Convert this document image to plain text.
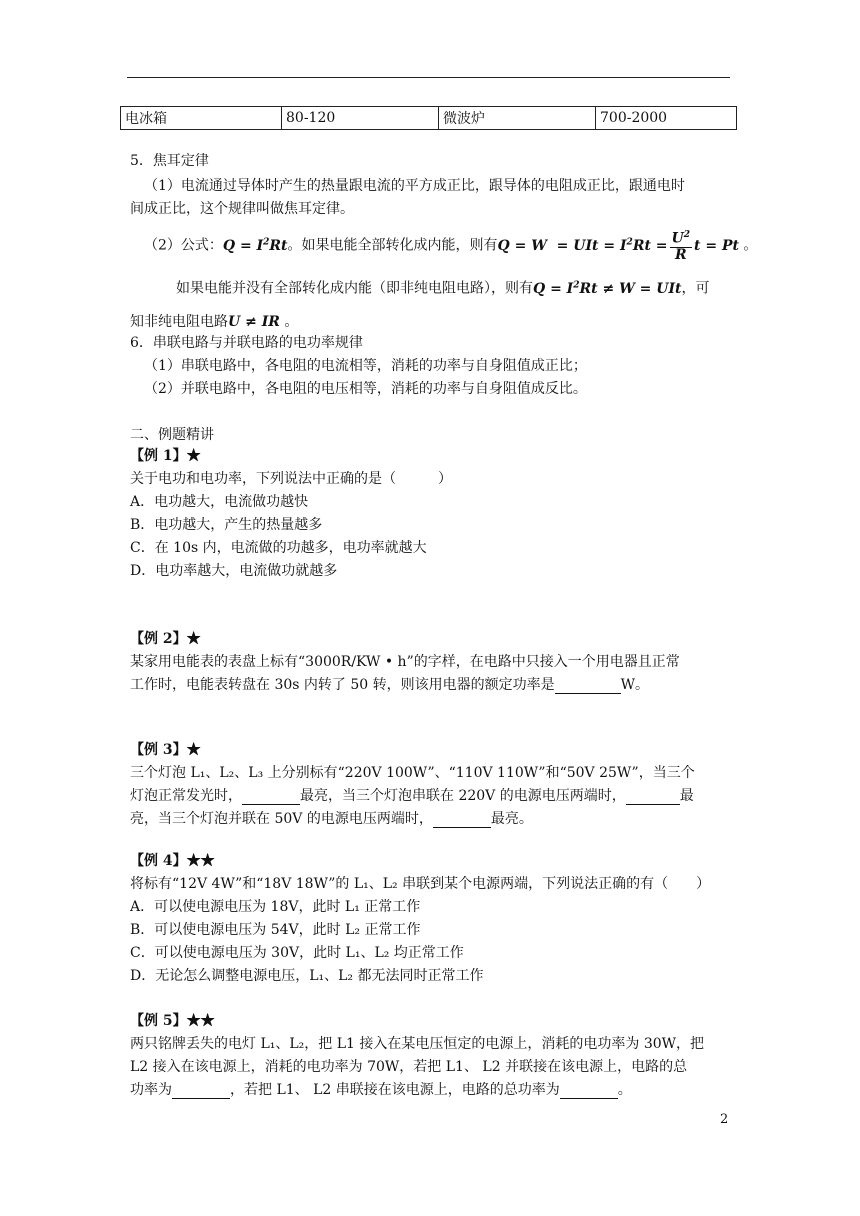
电冰箱	80-120	微波炉	700-2000
5．焦耳定律
（1）电流通过导体时产生的热量跟电流的平方成正比，跟导体的电阻成正比，跟通电时
间成正比，这个规律叫做焦耳定律。
（2）公式：$Q = I^2Rt$。如果电能全部转化成内能，则有Q = W  = UIt = $I^2Rt = \frac{U^2}{R}$ t = Pt 。
如果电能并没有全部转化成内能（即非纯电阻电路），则有$Q = I^2Rt \ne W$ = UIt，可
知非纯电阻电路U ≠ IR 。
6．串联电路与并联电路的电功率规律
（1）串联电路中，各电阻的电流相等，消耗的功率与自身阻值成正比；
（2）并联电路中，各电阻的电压相等，消耗的功率与自身阻值成反比。
二、例题精讲
【例 1】★
关于电功和电功率，下列说法中正确的是（　　　）
A．电功越大，电流做功越快
B．电功越大，产生的热量越多
C．在 10s 内，电流做的功越多，电功率就越大
D．电功率越大，电流做功就越多
【例 2】★
某家用电能表的表盘上标有“3000R/KW • h”的字样，在电路中只接入一个用电器且正常
工作时，电能表转盘在 30s 内转了 50 转，则该用电器的额定功率是	W。
【例 3】★
三个灯泡 L₁、L₂、L₃ 上分别标有“220V 100W”、“110V 110W”和“50V 25W”，当三个
灯泡正常发光时，	最亮，当三个灯泡串联在 220V 的电源电压两端时，	最
亮，当三个灯泡并联在 50V 的电源电压两端时，	最亮。
【例 4】★★
将标有“12V 4W”和“18V 18W”的 L₁、L₂ 串联到某个电源两端，下列说法正确的有（　　）
A．可以使电源电压为 18V，此时 L₁ 正常工作
B．可以使电源电压为 54V，此时 L₂ 正常工作
C．可以使电源电压为 30V，此时 L₁、L₂ 均正常工作
D．无论怎么调整电源电压，L₁、L₂ 都无法同时正常工作
【例 5】★★
两只铭牌丢失的电灯 L₁、L₂，把 L1 接入在某电压恒定的电源上，消耗的电功率为 30W，把
L2 接入在该电源上，消耗的电功率为 70W，若把 L1、 L2 并联接在该电源上，电路的总
功率为	，若把 L1、 L2 串联接在该电源上，电路的总功率为	。
2
